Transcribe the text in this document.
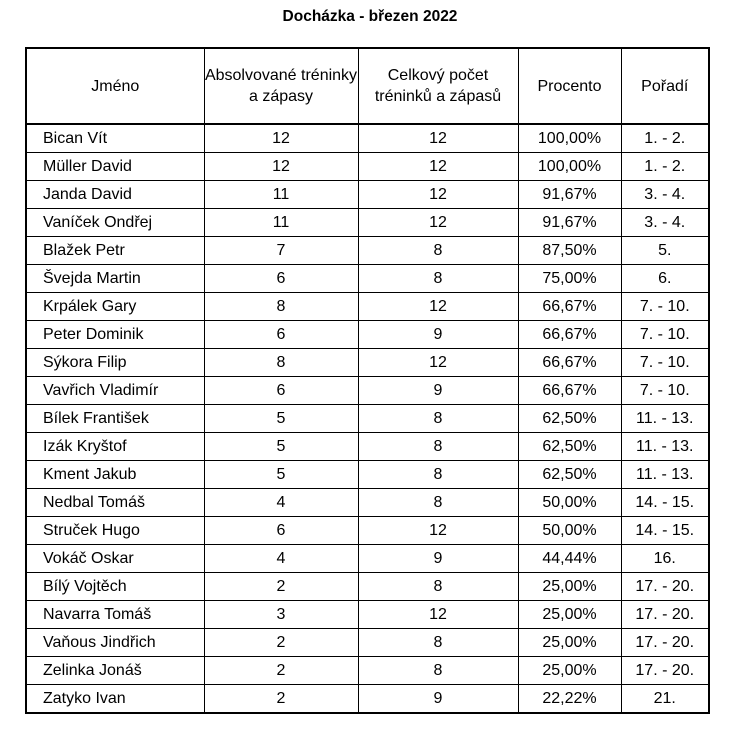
Docházka - březen 2022
Jméno	Absolvované tréninky a zápasy	Celkový počet tréninků a zápasů	Procento	Pořadí
Bican Vít	12	12	100,00%	1. - 2.
Müller David	12	12	100,00%	1. - 2.
Janda David	11	12	91,67%	3. - 4.
Vaníček Ondřej	11	12	91,67%	3. - 4.
Blažek Petr	7	8	87,50%	5.
Švejda Martin	6	8	75,00%	6.
Krpálek Gary	8	12	66,67%	7. - 10.
Peter Dominik	6	9	66,67%	7. - 10.
Sýkora Filip	8	12	66,67%	7. - 10.
Vavřich Vladimír	6	9	66,67%	7. - 10.
Bílek František	5	8	62,50%	11. - 13.
Izák Kryštof	5	8	62,50%	11. - 13.
Kment Jakub	5	8	62,50%	11. - 13.
Nedbal Tomáš	4	8	50,00%	14. - 15.
Struček Hugo	6	12	50,00%	14. - 15.
Vokáč Oskar	4	9	44,44%	16.
Bílý Vojtěch	2	8	25,00%	17. - 20.
Navarra Tomáš	3	12	25,00%	17. - 20.
Vaňous Jindřich	2	8	25,00%	17. - 20.
Zelinka Jonáš	2	8	25,00%	17. - 20.
Zatyko Ivan	2	9	22,22%	21.
